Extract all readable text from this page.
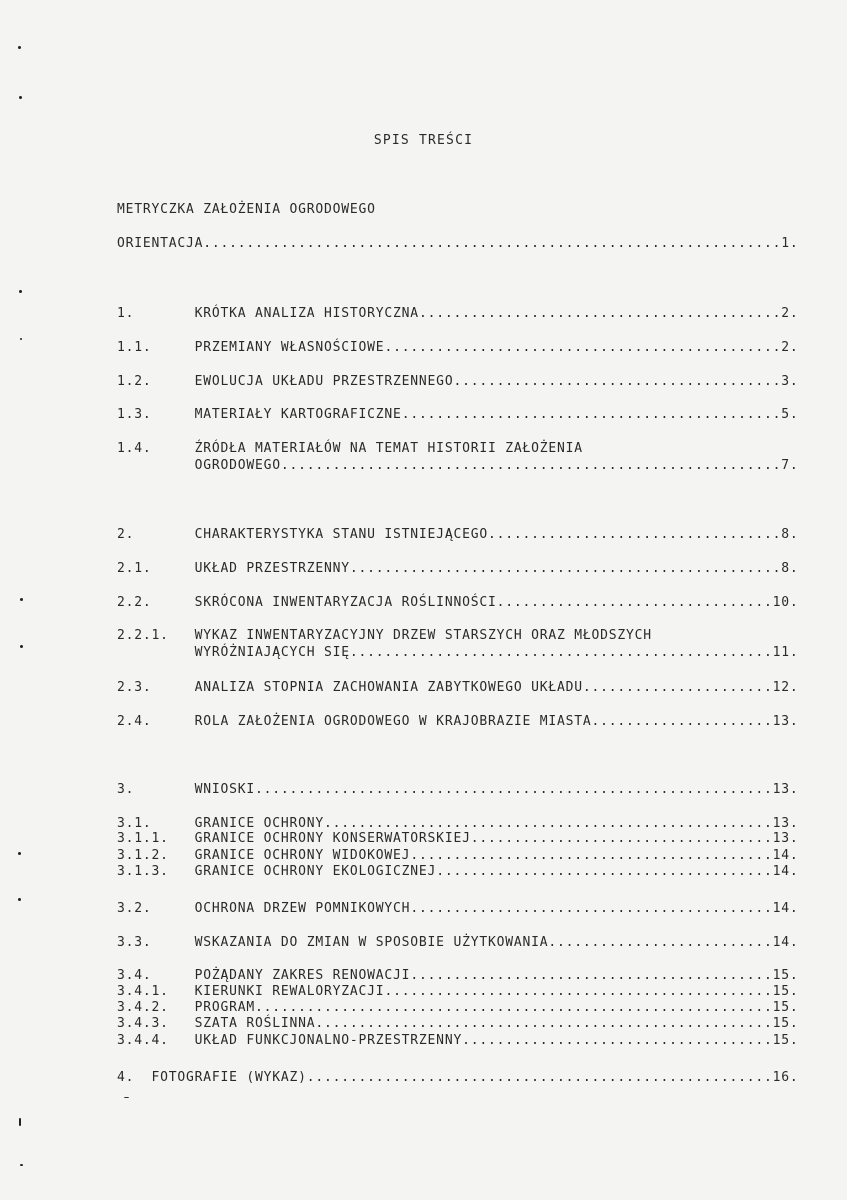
SPIS TREŚCI
METRYCZKA ZAŁOŻENIA OGRODOWEGO
ORIENTACJA...................................................................1.
1.       KRÓTKA ANALIZA HISTORYCZNA..........................................2.
1.1.     PRZEMIANY WŁASNOŚCIOWE..............................................2.
1.2.     EWOLUCJA UKŁADU PRZESTRZENNEGO......................................3.
1.3.     MATERIAŁY KARTOGRAFICZNE............................................5.
1.4.     ŹRÓDŁA MATERIAŁÓW NA TEMAT HISTORII ZAŁOŻENIA
OGRODOWEGO..........................................................7.
2.       CHARAKTERYSTYKA STANU ISTNIEJĄCEGO..................................8.
2.1.     UKŁAD PRZESTRZENNY..................................................8.
2.2.     SKRÓCONA INWENTARYZACJA ROŚLINNOŚCI................................10.
2.2.1.   WYKAZ INWENTARYZACYJNY DRZEW STARSZYCH ORAZ MŁODSZYCH
WYRÓŻNIAJĄCYCH SIĘ.................................................11.
2.3.     ANALIZA STOPNIA ZACHOWANIA ZABYTKOWEGO UKŁADU......................12.
2.4.     ROLA ZAŁOŻENIA OGRODOWEGO W KRAJOBRAZIE MIASTA.....................13.
3.       WNIOSKI............................................................13.
3.1.     GRANICE OCHRONY....................................................13.
3.1.1.   GRANICE OCHRONY KONSERWATORSKIEJ...................................13.
3.1.2.   GRANICE OCHRONY WIDOKOWEJ..........................................14.
3.1.3.   GRANICE OCHRONY EKOLOGICZNEJ.......................................14.
3.2.     OCHRONA DRZEW POMNIKOWYCH..........................................14.
3.3.     WSKAZANIA DO ZMIAN W SPOSOBIE UŻYTKOWANIA..........................14.
3.4.     POŻĄDANY ZAKRES RENOWACJI..........................................15.
3.4.1.   KIERUNKI REWALORYZACJI.............................................15.
3.4.2.   PROGRAM............................................................15.
3.4.3.   SZATA ROŚLINNA.....................................................15.
3.4.4.   UKŁAD FUNKCJONALNO-PRZESTRZENNY....................................15.
4.  FOTOGRAFIE (WYKAZ)......................................................16.
